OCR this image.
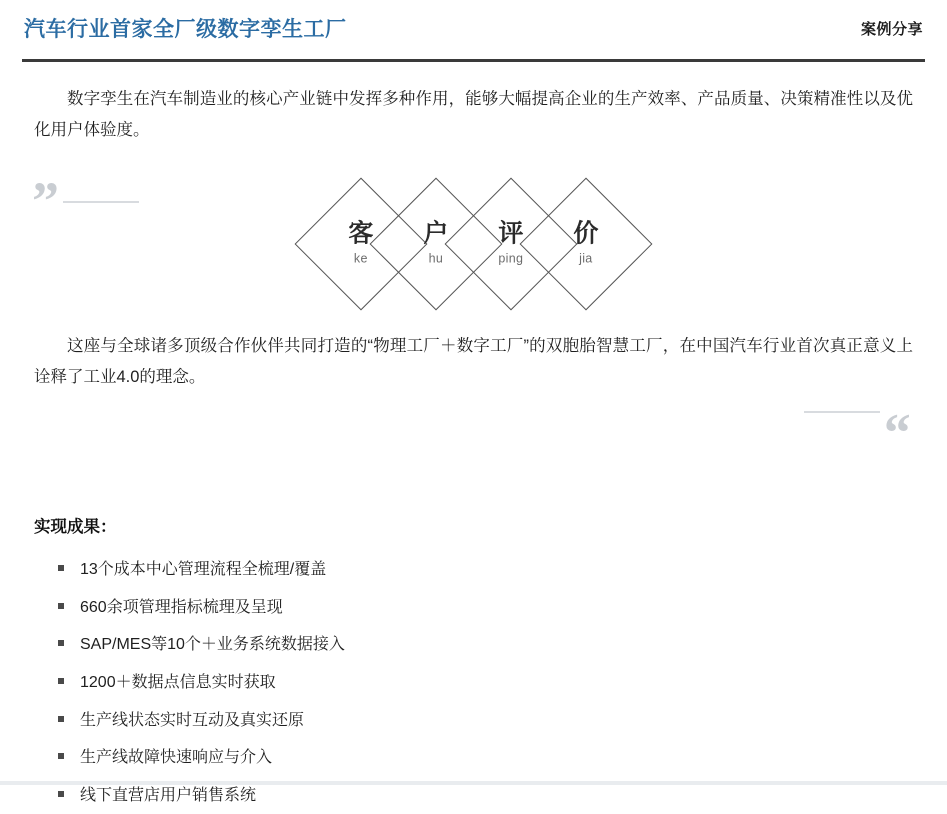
汽车行业首家全厂级数字孪生工厂	案例分享

数字孪生在汽车制造业的核心产业链中发挥多种作用，能够大幅提高企业的生产效率、产品质量、决策精准性以及优化用户体验度。

”
客
ke
户
hu
评
ping
价
jia

这座与全球诸多顶级合作伙伴共同打造的“物理工厂＋数字工厂”的双胞胎智慧工厂，在中国汽车行业首次真正意义上诠释了工业4.0的理念。

”
实现成果：
13个成本中心管理流程全梳理/覆盖
660余项管理指标梳理及呈现
SAP/MES等10个＋业务系统数据接入
1200＋数据点信息实时获取
生产线状态实时互动及真实还原
生产线故障快速响应与介入
线下直营店用户销售系统
